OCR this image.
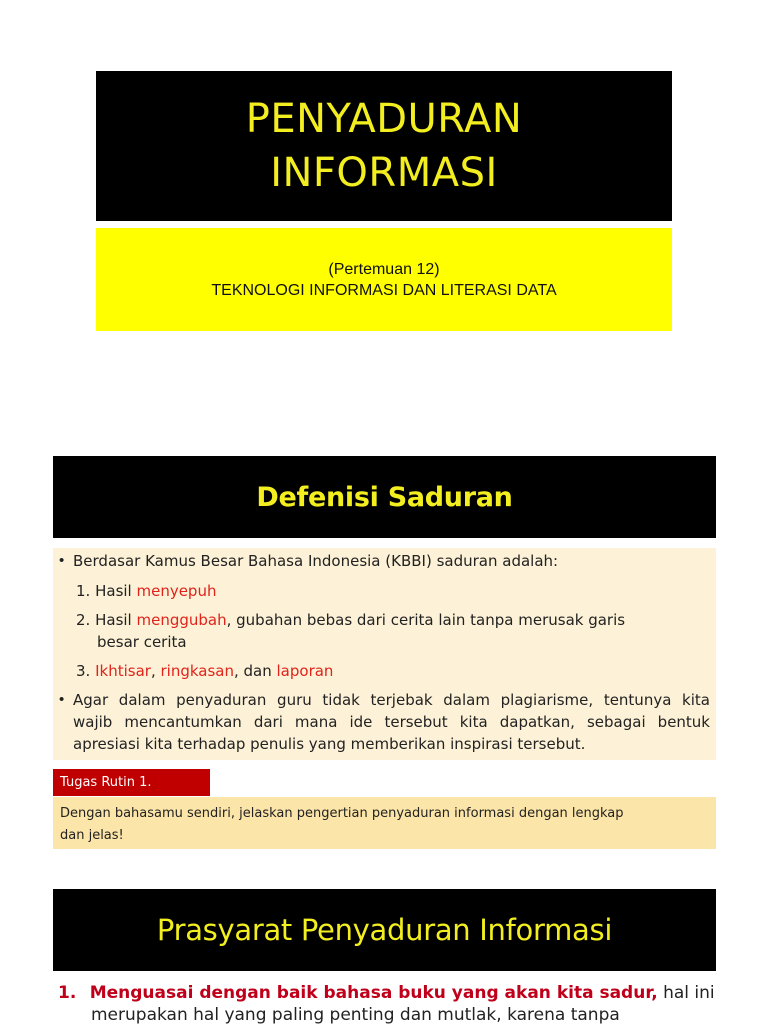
PENYADURAN
INFORMASI
(Pertemuan 12)
TEKNOLOGI INFORMASI DAN LITERASI DATA
Defenisi Saduran
• Berdasar Kamus Besar Bahasa Indonesia (KBBI) saduran adalah:
1. Hasil menyepuh
2. Hasil menggubah, gubahan bebas dari cerita lain tanpa merusak garis
besar cerita
3. Ikhtisar, ringkasan, dan laporan
• Agar dalam penyaduran guru tidak terjebak dalam plagiarisme, tentunya kita
wajib mencantumkan dari mana ide tersebut kita dapatkan, sebagai bentuk
apresiasi kita terhadap penulis yang memberikan inspirasi tersebut.
Tugas Rutin 1.
Dengan bahasamu sendiri, jelaskan pengertian penyaduran informasi dengan lengkap
dan jelas!
Prasyarat Penyaduran Informasi
1. Menguasai dengan baik bahasa buku yang akan kita sadur, hal ini
merupakan hal yang paling penting dan mutlak, karena tanpa
